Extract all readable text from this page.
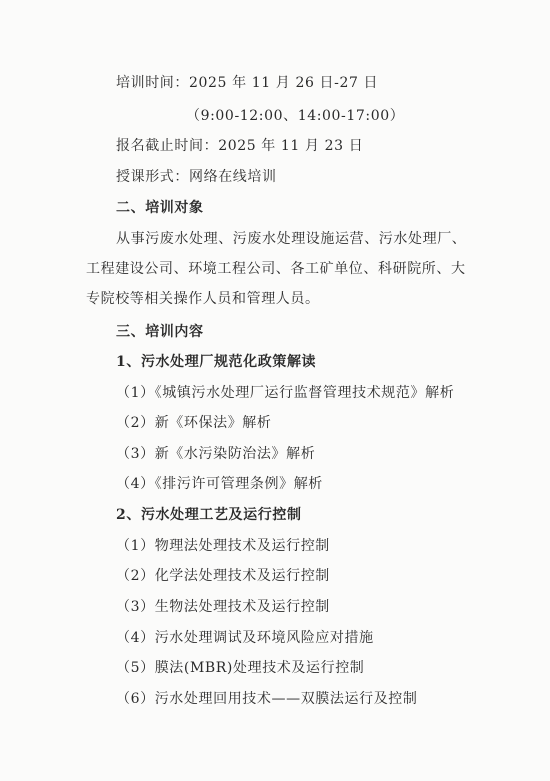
培训时间：2025 年 11 月 26 日-27 日
（9:00-12:00、14:00-17:00）
报名截止时间：2025 年 11 月 23 日
授课形式：网络在线培训
二、培训对象
从事污废水处理、污废水处理设施运营、污水处理厂、
工程建设公司、环境工程公司、各工矿单位、科研院所、大
专院校等相关操作人员和管理人员。
三、培训内容
1、污水处理厂规范化政策解读
（1）《城镇污水处理厂运行监督管理技术规范》解析
（2）新《环保法》解析
（3）新《水污染防治法》解析
（4）《排污许可管理条例》解析
2、污水处理工艺及运行控制
（1）物理法处理技术及运行控制
（2）化学法处理技术及运行控制
（3）生物法处理技术及运行控制
（4）污水处理调试及环境风险应对措施
（5）膜法(MBR)处理技术及运行控制
（6）污水处理回用技术——双膜法运行及控制
